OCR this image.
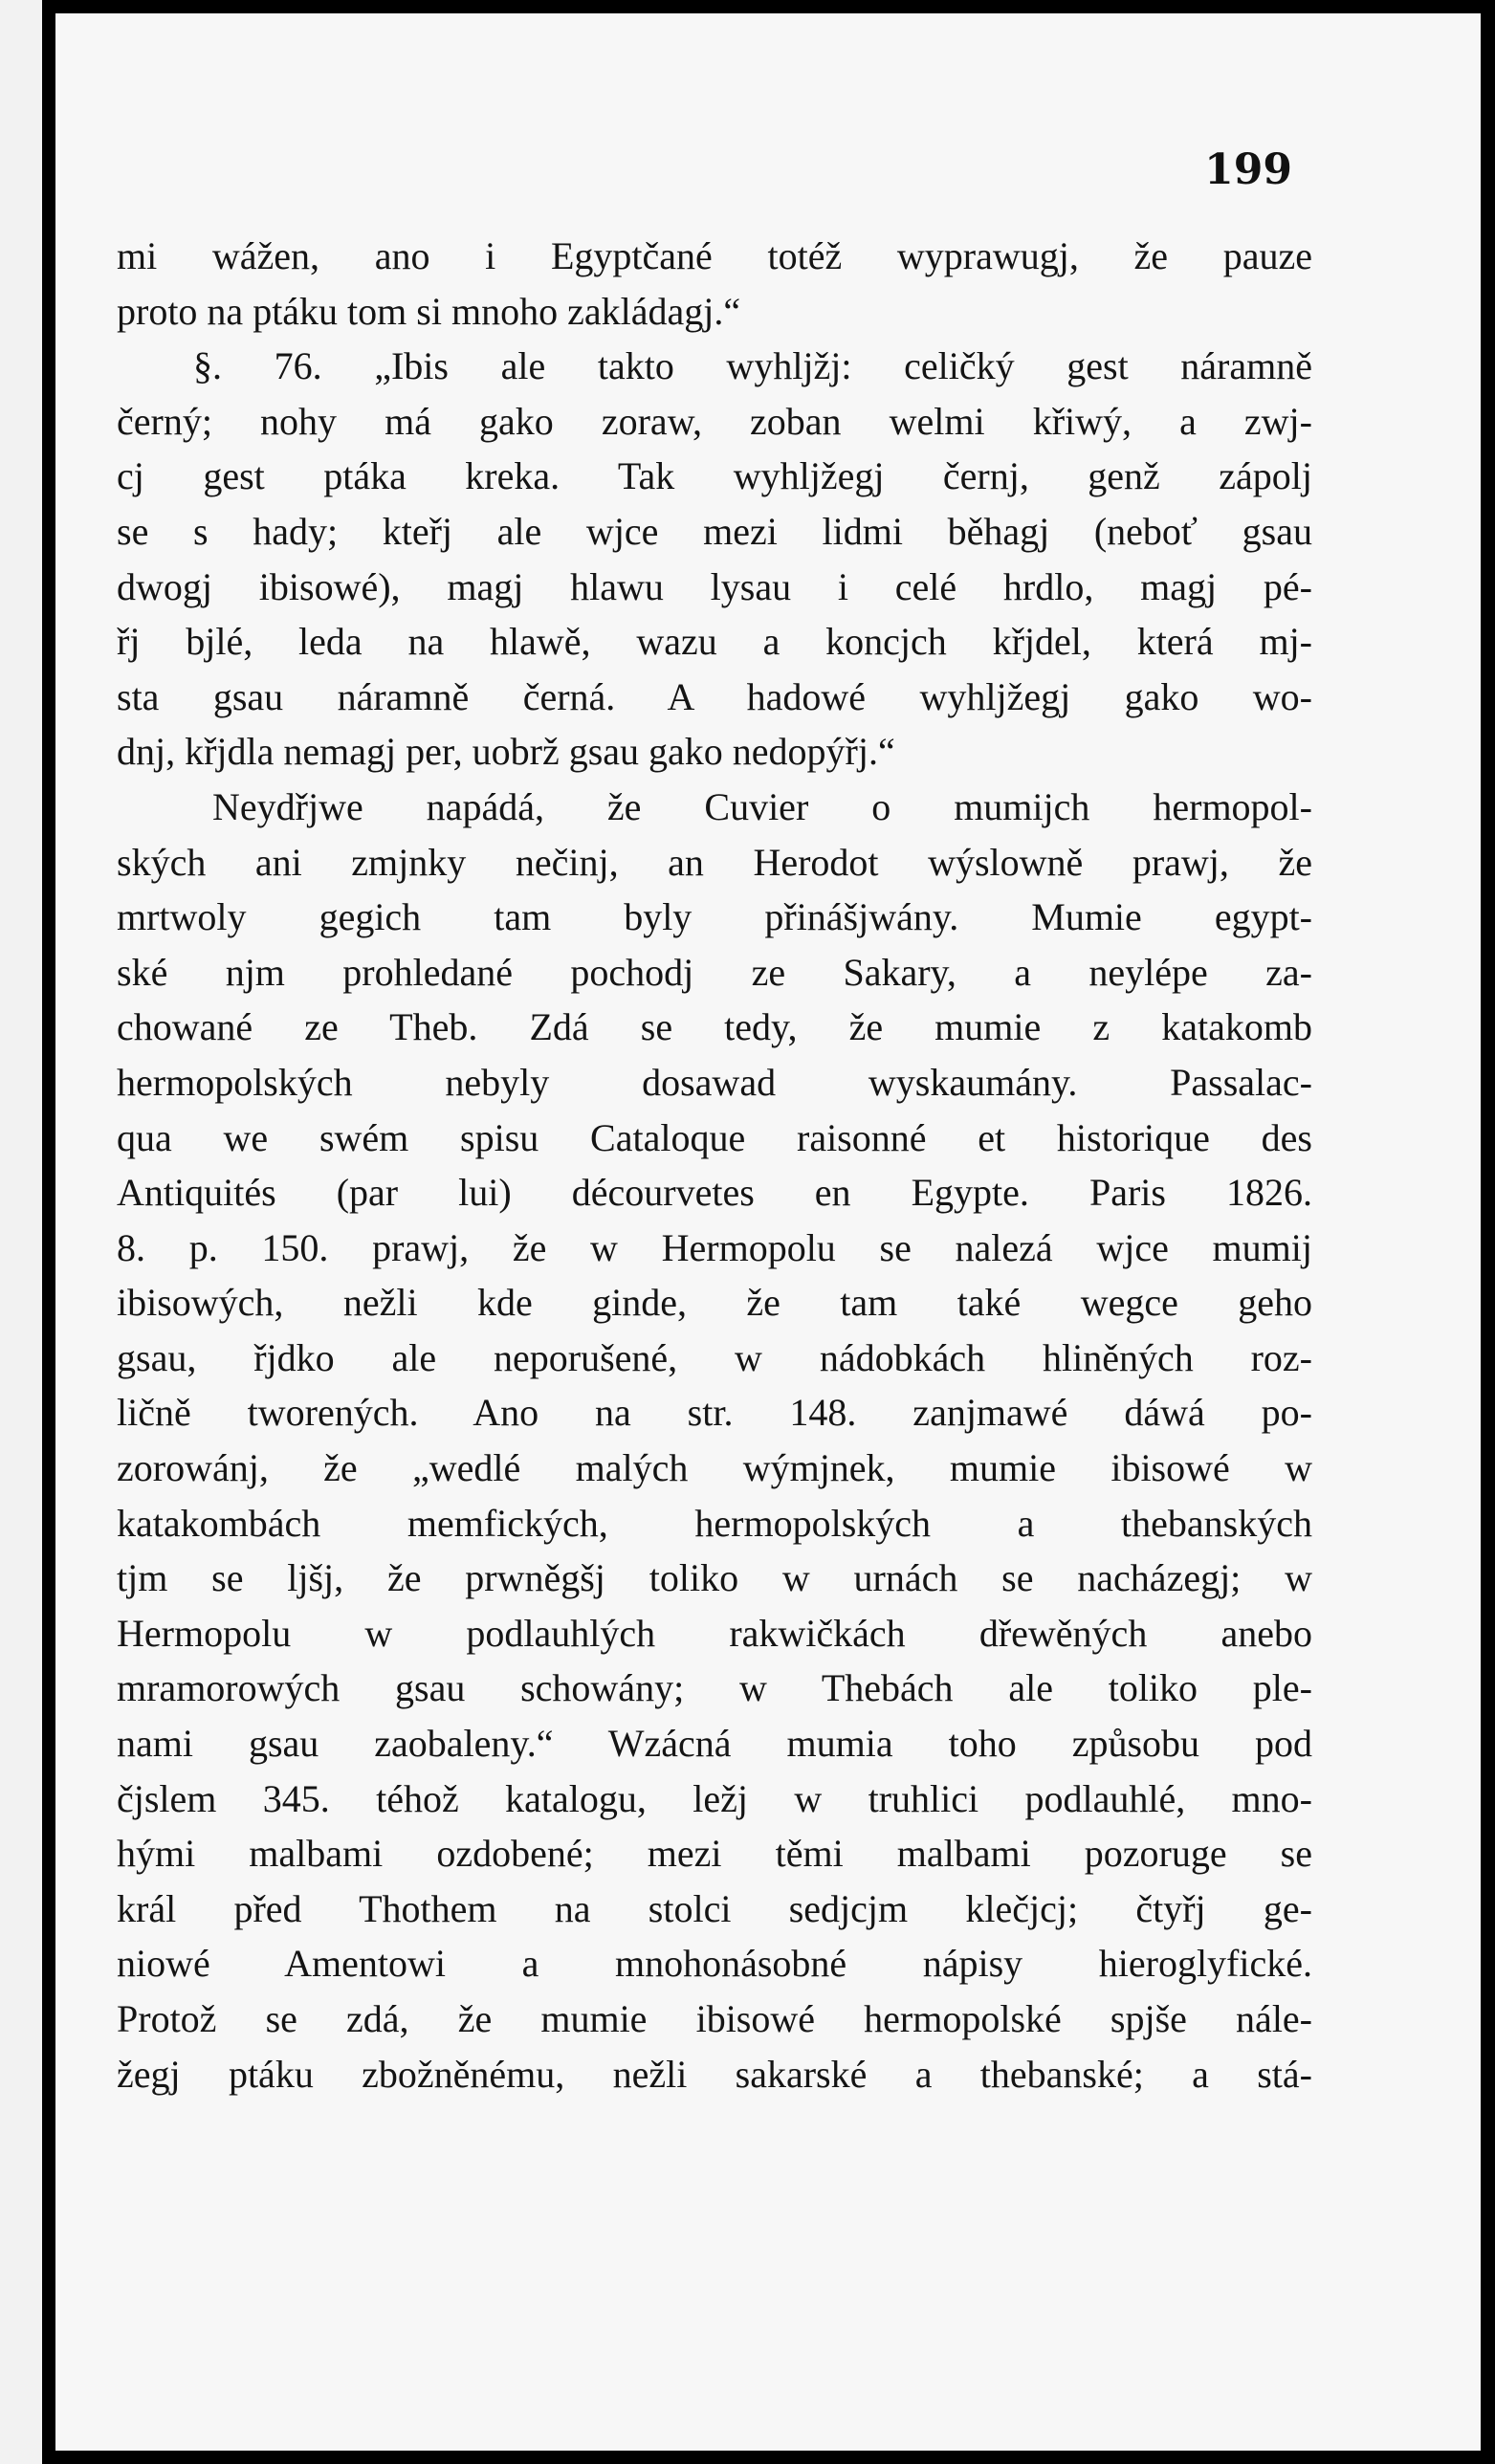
199
mi wážen, ano i Egyptčané totéž wyprawugj, že pauze
proto na ptáku tom si mnoho zakládagj.“
§. 76. „Ibis ale takto wyhljžj: celičký gest náramně
černý; nohy má gako zoraw, zoban welmi křiwý, a zwj-
cj gest ptáka kreka. Tak wyhljžegj černj, genž zápolj
se s hady; kteřj ale wjce mezi lidmi běhagj (neboť gsau
dwogj ibisowé), magj hlawu lysau i celé hrdlo, magj pé-
řj bjlé, leda na hlawě, wazu a koncjch křjdel, která mj-
sta gsau náramně černá. A hadowé wyhljžegj gako wo-
dnj, křjdla nemagj per, uobrž gsau gako nedopýřj.“
Neydřjwe napádá, že Cuvier o mumijch hermopol-
ských ani zmjnky nečinj, an Herodot wýslowně prawj, že
mrtwoly gegich tam byly přinášjwány. Mumie egypt-
ské njm prohledané pochodj ze Sakary, a neylépe za-
chowané ze Theb. Zdá se tedy, že mumie z katakomb
hermopolských nebyly dosawad wyskaumány. Passalac-
qua we swém spisu Cataloque raisonné et historique des
Antiquités (par lui) décourvetes en Egypte. Paris 1826.
8. p. 150. prawj, že w Hermopolu se nalezá wjce mumij
ibisowých, nežli kde ginde, že tam také wegce geho
gsau, řjdko ale neporušené, w nádobkách hliněných roz-
ličně tworených. Ano na str. 148. zanjmawé dáwá po-
zorowánj, že „wedlé malých wýmjnek, mumie ibisowé w
katakombách memfických, hermopolských a thebanských
tjm se ljšj, že prwněgšj toliko w urnách se nacházegj; w
Hermopolu w podlauhlých rakwičkách dřewěných anebo
mramorowých gsau schowány; w Thebách ale toliko ple-
nami gsau zaobaleny.“ Wzácná mumia toho způsobu pod
čjslem 345. téhož katalogu, ležj w truhlici podlauhlé, mno-
hými malbami ozdobené; mezi těmi malbami pozoruge se
král před Thothem na stolci sedjcjm klečjcj; čtyřj ge-
niowé Amentowi a mnohonásobné nápisy hieroglyfické.
Protož se zdá, že mumie ibisowé hermopolské spjše nále-
žegj ptáku zbožněnému, nežli sakarské a thebanské; a stá-
